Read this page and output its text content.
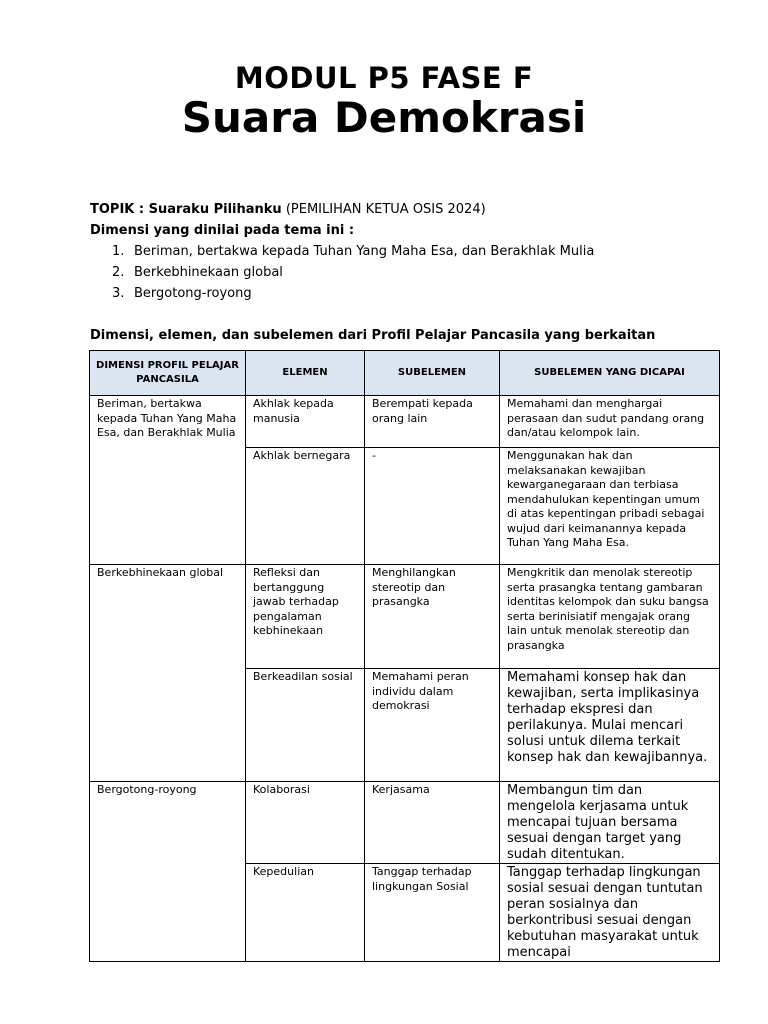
MODUL P5 FASE F
Suara Demokrasi
TOPIK : Suaraku Pilihanku (PEMILIHAN KETUA OSIS 2024)
Dimensi yang dinilai pada tema ini :
1. Beriman, bertakwa kepada Tuhan Yang Maha Esa, dan Berakhlak Mulia
2. Berkebhinekaan global
3. Bergotong-royong
Dimensi, elemen, dan subelemen dari Profil Pelajar Pancasila yang berkaitan
DIMENSI PROFIL PELAJAR PANCASILA	ELEMEN	SUBELEMEN	SUBELEMEN YANG DICAPAI
Beriman, bertakwa kepada Tuhan Yang Maha Esa, dan Berakhlak Mulia	Akhlak kepada manusia	Berempati kepada orang lain	Memahami dan menghargai perasaan dan sudut pandang orang dan/atau kelompok lain.
	Akhlak bernegara	-	Menggunakan hak dan melaksanakan kewajiban kewarganegaraan dan terbiasa mendahulukan kepentingan umum di atas kepentingan pribadi sebagai wujud dari keimanannya kepada Tuhan Yang Maha Esa.
Berkebhinekaan global	Refleksi dan bertanggung jawab terhadap pengalaman kebhinekaan	Menghilangkan stereotip dan prasangka	Mengkritik dan menolak stereotip serta prasangka tentang gambaran identitas kelompok dan suku bangsa serta berinisiatif mengajak orang lain untuk menolak stereotip dan prasangka
	Berkeadilan sosial	Memahami peran individu dalam demokrasi	Memahami konsep hak dan kewajiban, serta implikasinya terhadap ekspresi dan perilakunya. Mulai mencari solusi untuk dilema terkait konsep hak dan kewajibannya.
Bergotong-royong	Kolaborasi	Kerjasama	Membangun tim dan mengelola kerjasama untuk mencapai tujuan bersama sesuai dengan target yang sudah ditentukan.
	Kepedulian	Tanggap terhadap lingkungan Sosial	Tanggap terhadap lingkungan sosial sesuai dengan tuntutan peran sosialnya dan berkontribusi sesuai dengan kebutuhan masyarakat untuk mencapai
